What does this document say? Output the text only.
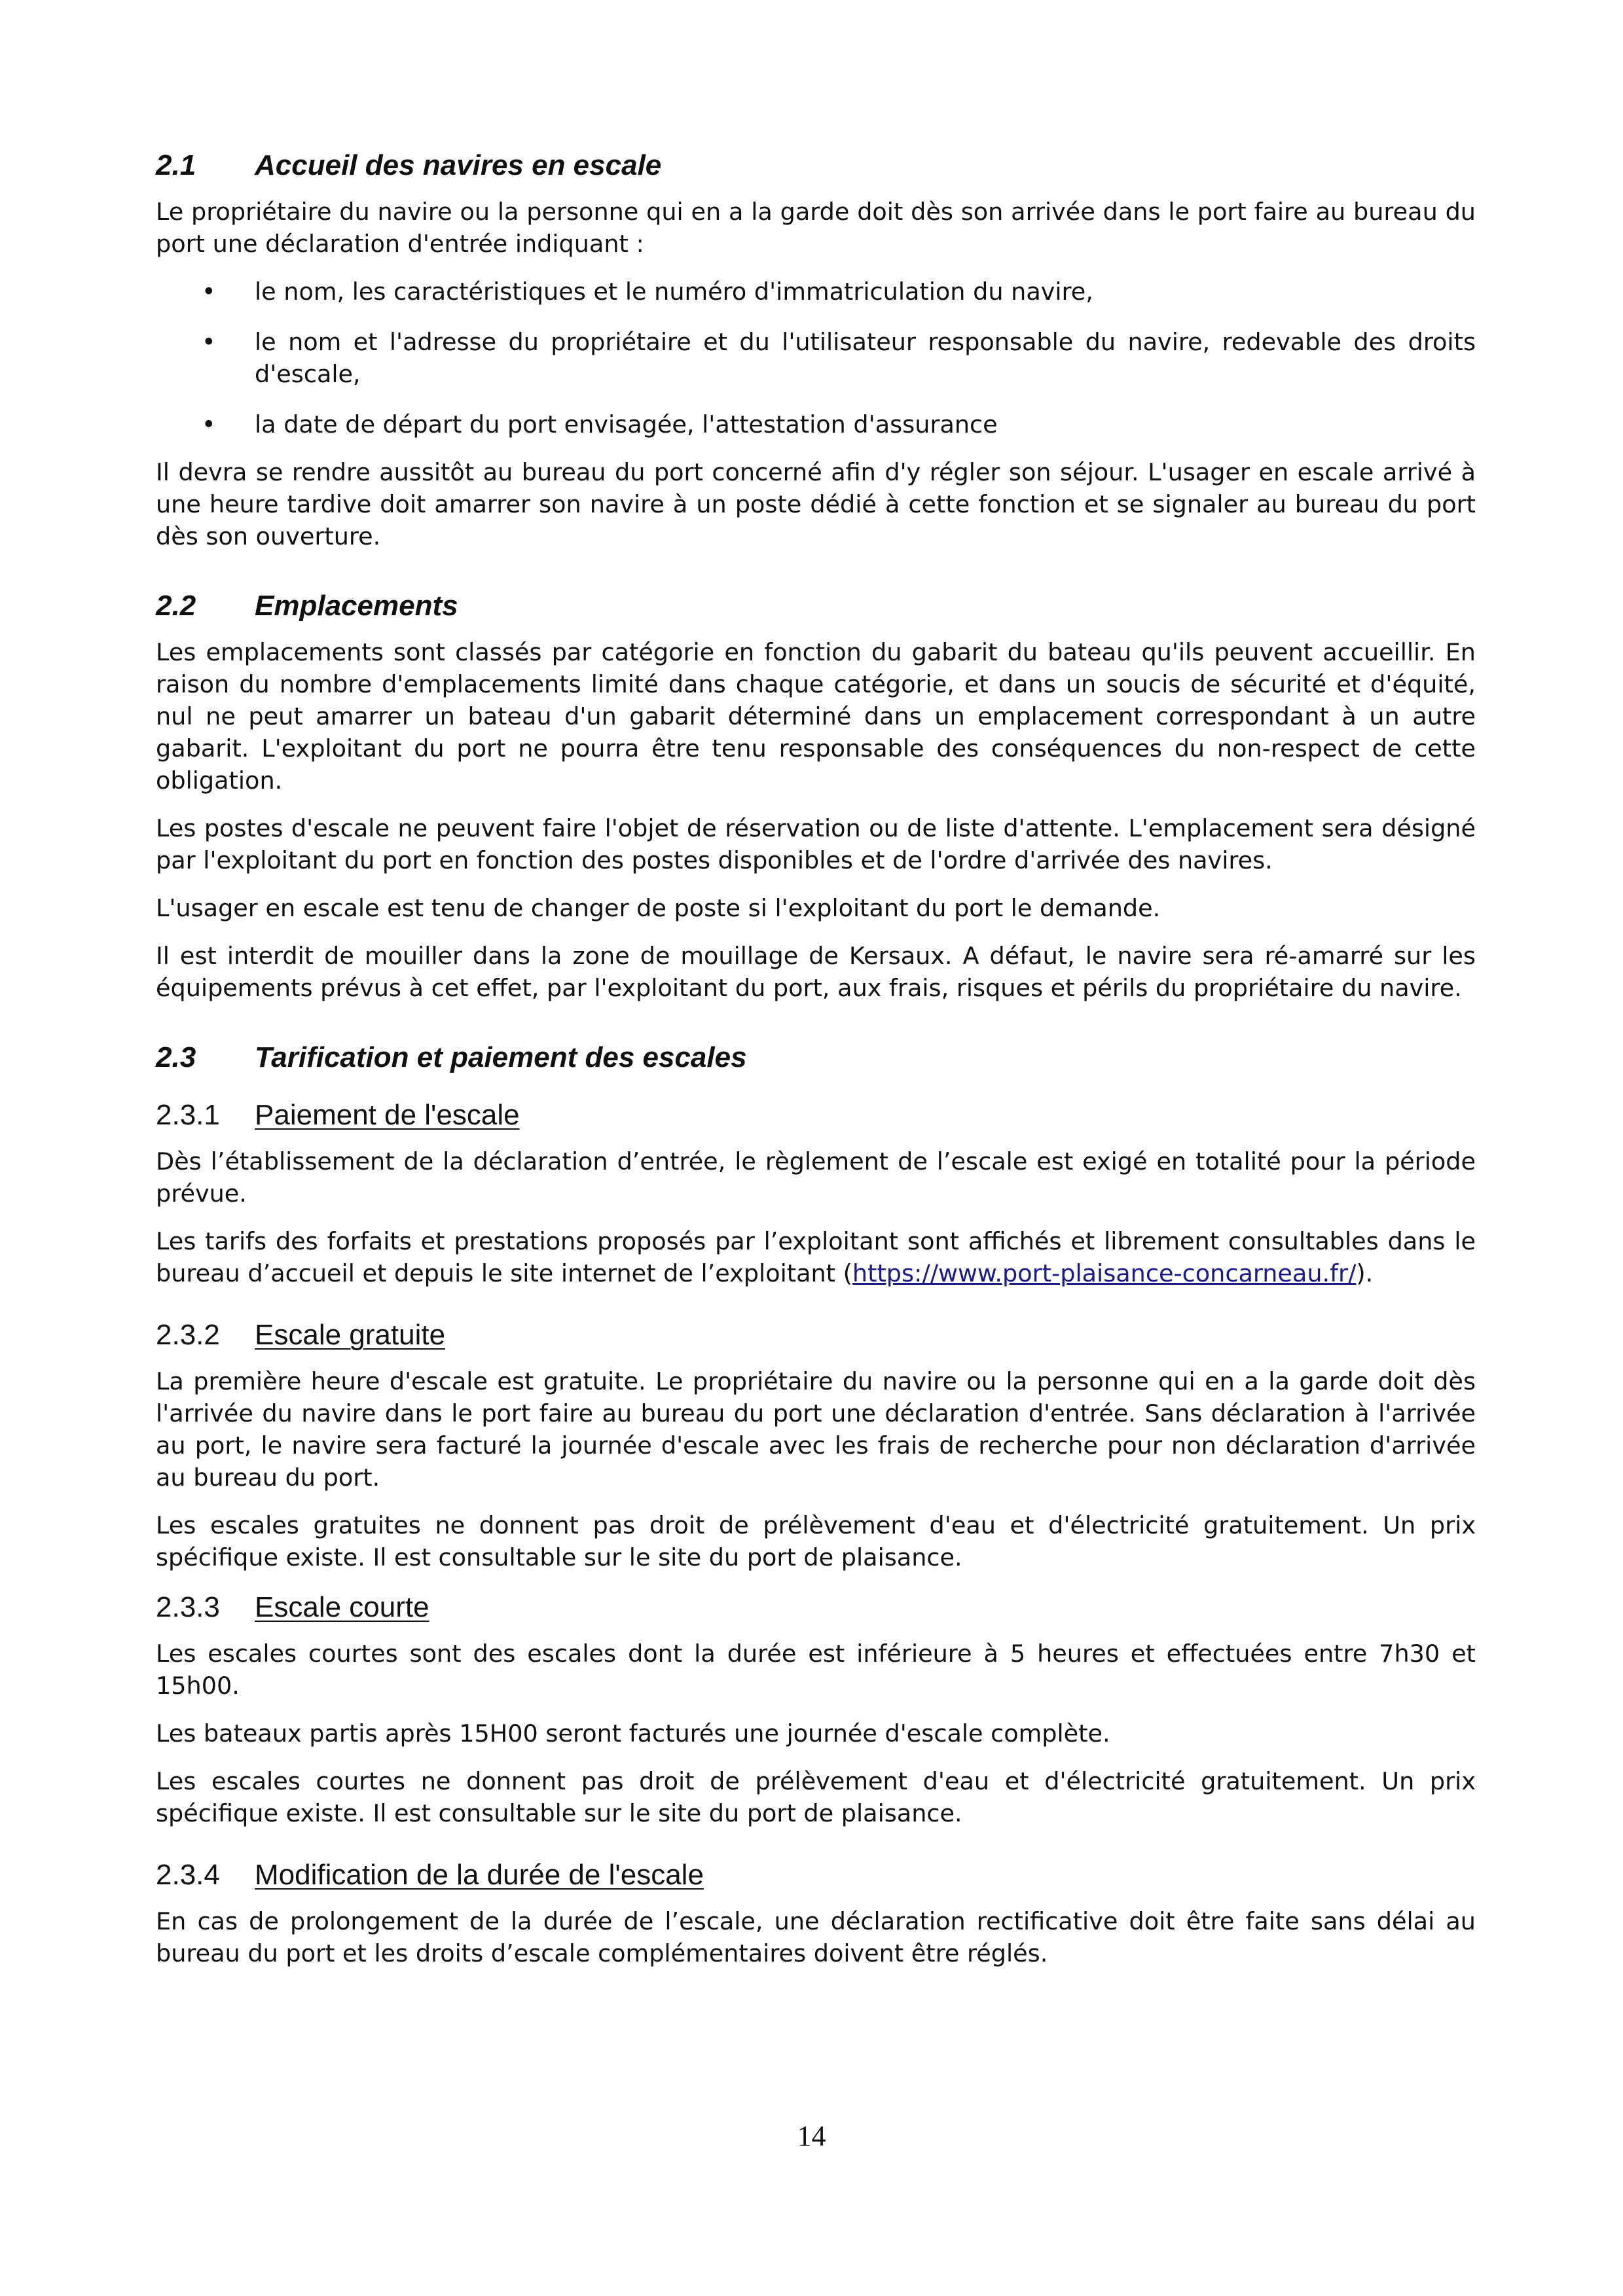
2.1	Accueil des navires en escale

Le propriétaire du navire ou la personne qui en a la garde doit dès son arrivée dans le port faire au bureau du port une déclaration d'entrée indiquant :

•	le nom, les caractéristiques et le numéro d'immatriculation du navire,
•	le nom et l'adresse du propriétaire et du l'utilisateur responsable du navire, redevable des droits d'escale,
•	la date de départ du port envisagée, l'attestation d'assurance

Il devra se rendre aussitôt au bureau du port concerné afin d'y régler son séjour. L'usager en escale arrivé à une heure tardive doit amarrer son navire à un poste dédié à cette fonction et se signaler au bureau du port dès son ouverture.

2.2	Emplacements

Les emplacements sont classés par catégorie en fonction du gabarit du bateau qu'ils peuvent accueillir. En raison du nombre d'emplacements limité dans chaque catégorie, et dans un soucis de sécurité et d'équité, nul ne peut amarrer un bateau d'un gabarit déterminé dans un emplacement correspondant à un autre gabarit. L'exploitant du port ne pourra être tenu responsable des conséquences du non-respect de cette obligation.

Les postes d'escale ne peuvent faire l'objet de réservation ou de liste d'attente. L'emplacement sera désigné par l'exploitant du port en fonction des postes disponibles et de l'ordre d'arrivée des navires.

L'usager en escale est tenu de changer de poste si l'exploitant du port le demande.

Il est interdit de mouiller dans la zone de mouillage de Kersaux. A défaut, le navire sera ré-amarré sur les équipements prévus à cet effet, par l'exploitant du port, aux frais, risques et périls du propriétaire du navire.

2.3	Tarification et paiement des escales
2.3.1	Paiement de l'escale

Dès l’établissement de la déclaration d’entrée, le règlement de l’escale est exigé en totalité pour la période prévue.

Les tarifs des forfaits et prestations proposés par l’exploitant sont affichés et librement consultables dans le bureau d’accueil et depuis le site internet de l’exploitant (https://www.port-plaisance-concarneau.fr/).

2.3.2	Escale gratuite

La première heure d'escale est gratuite. Le propriétaire du navire ou la personne qui en a la garde doit dès l'arrivée du navire dans le port faire au bureau du port une déclaration d'entrée. Sans déclaration à l'arrivée au port, le navire sera facturé la journée d'escale avec les frais de recherche pour non déclaration d'arrivée au bureau du port.

Les escales gratuites ne donnent pas droit de prélèvement d'eau et d'électricité gratuitement. Un prix spécifique existe. Il est consultable sur le site du port de plaisance.

2.3.3	Escale courte

Les escales courtes sont des escales dont la durée est inférieure à 5 heures et effectuées entre 7h30 et 15h00.

Les bateaux partis après 15H00 seront facturés une journée d'escale complète.

Les escales courtes ne donnent pas droit de prélèvement d'eau et d'électricité gratuitement. Un prix spécifique existe. Il est consultable sur le site du port de plaisance.

2.3.4	Modification de la durée de l'escale

En cas de prolongement de la durée de l’escale, une déclaration rectificative doit être faite sans délai au bureau du port et les droits d’escale complémentaires doivent être réglés.

14
